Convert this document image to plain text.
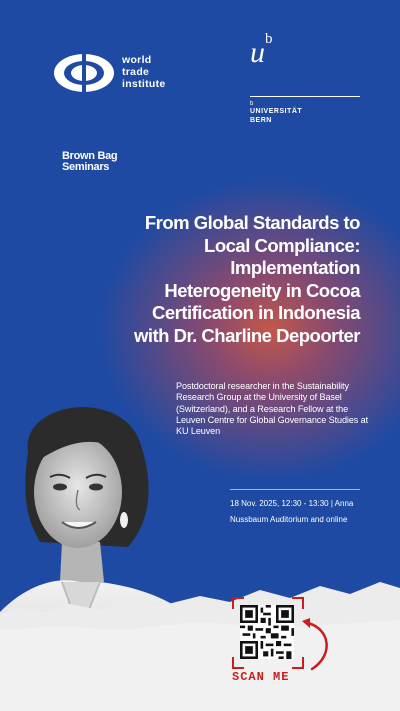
world
trade
institute
$u^b$
b
UNIVERSITÄT
BERN
Brown Bag
Seminars
From Global Standards to
Local Compliance:
Implementation
Heterogeneity in Cocoa
Certification in Indonesia
with Dr. Charline Depoorter
Postdoctoral researcher in the Sustainability Research Group at the University of Basel (Switzerland), and a Research Fellow at the Leuven Centre for Global Governance Studies at KU Leuven
18 Nov. 2025, 12:30 - 13:30 | Anna Nussbaum Auditorium and online
SCAN ME
